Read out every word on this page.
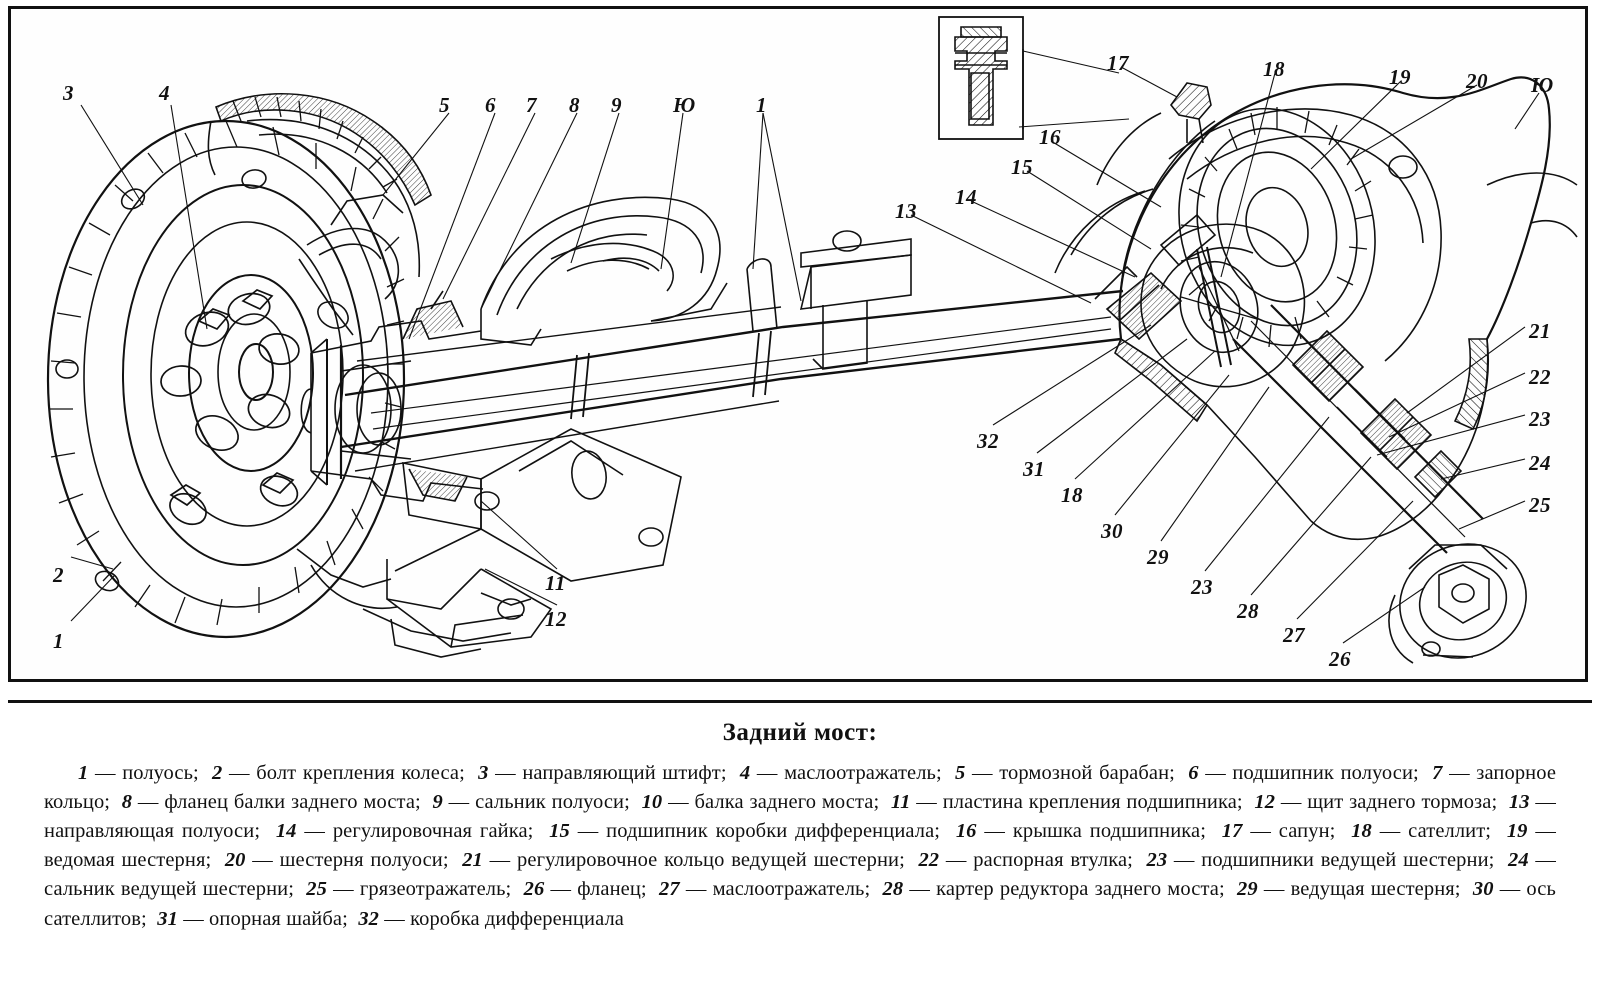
3	4	5 6 7 8 9 Ю	1
17	18	19	20 Ю
16
15
13
14
21
22
23
24
25
32
31
18
30
29
23
28
27
26
2
1
11
12
Задний мост:
1 — полуось; 2 — болт крепления колеса; 3 — направляющий штифт; 4 — маслоотражатель; 5 — тормозной барабан; 6 — подшипник полуоси; 7 — запорное кольцо; 8 — фланец балки заднего моста; 9 — сальник полуоси; 10 — балка заднего моста; 11 — пластина крепления подшипника; 12 — щит заднего тормоза; 13 — направляющая полуоси; 14 — регулировочная гайка; 15 — подшипник коробки дифференциала; 16 — крышка подшипника; 17 — сапун; 18 — сателлит; 19 — ведомая шестерня; 20 — шестерня полуоси; 21 — регулировочное кольцо ведущей шестерни; 22 — распорная втулка; 23 — подшипники ведущей шестерни; 24 — сальник ведущей шестерни; 25 — грязеотражатель; 26 — фланец; 27 — маслоотражатель; 28 — картер редуктора заднего моста; 29 — ведущая шестерня; 30 — ось сателлитов; 31 — опорная шайба; 32 — коробка дифференциала
